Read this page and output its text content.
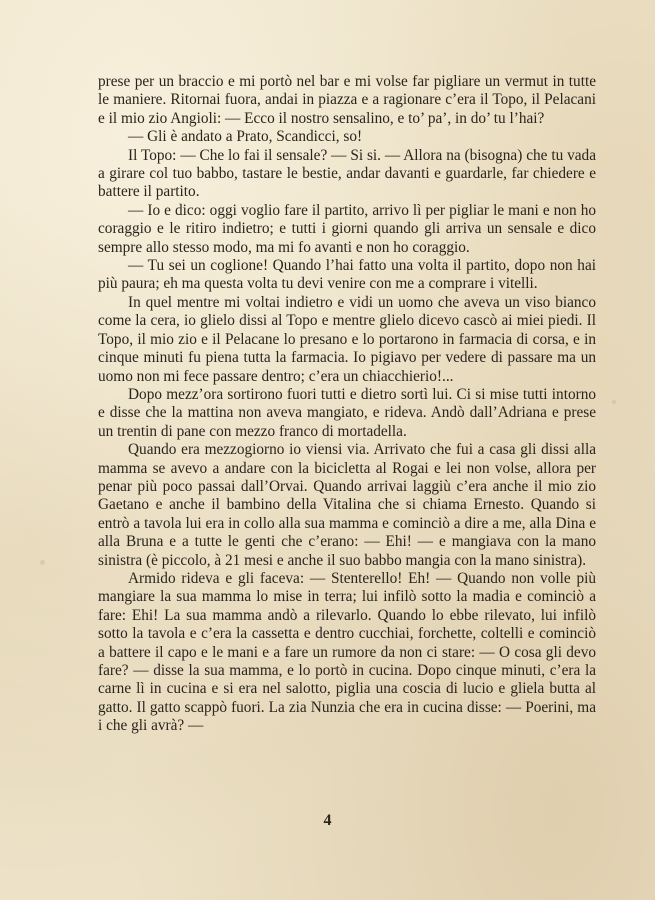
prese per un braccio e mi portò nel bar e mi volse far pigliare un vermut in tutte le maniere. Ritornai fuora, andai in piazza e a ragionare c’era il Topo, il Pelacani e il mio zio Angioli: — Ecco il nostro sensalino, e to’ pa’, in do’ tu l’hai?

— Gli è andato a Prato, Scandicci, so!

Il Topo: — Che lo fai il sensale? — Si si. — Allora na (bisogna) che tu vada a girare col tuo babbo, tastare le bestie, andar davanti e guardarle, far chiedere e battere il partito.

— Io e dico: oggi voglio fare il partito, arrivo lì per pigliar le mani e non ho coraggio e le ritiro indietro; e tutti i giorni quando gli arriva un sensale e dico sempre allo stesso modo, ma mi fo avanti e non ho coraggio.

— Tu sei un coglione! Quando l’hai fatto una volta il partito, dopo non hai più paura; eh ma questa volta tu devi venire con me a comprare i vitelli.

In quel mentre mi voltai indietro e vidi un uomo che aveva un viso bianco come la cera, io glielo dissi al Topo e mentre glielo dicevo cascò ai miei piedi. Il Topo, il mio zio e il Pelacane lo presano e lo portarono in farmacia di corsa, e in cinque minuti fu piena tutta la farmacia. Io pigiavo per vedere di passare ma un uomo non mi fece passare dentro; c’era un chiacchierio!...

Dopo mezz’ora sortirono fuori tutti e dietro sortì lui. Ci si mise tutti intorno e disse che la mattina non aveva mangiato, e rideva. Andò dall’Adriana e prese un trentin di pane con mezzo franco di mortadella.

Quando era mezzogiorno io viensi via. Arrivato che fui a casa gli dissi alla mamma se avevo a andare con la bicicletta al Rogai e lei non volse, allora per penar più poco passai dall’Orvai. Quando arrivai laggiù c’era anche il mio zio Gaetano e anche il bambino della Vitalina che si chiama Ernesto. Quando si entrò a tavola lui era in collo alla sua mamma e cominciò a dire a me, alla Dina e alla Bruna e a tutte le genti che c’erano: — Ehi! — e mangiava con la mano sinistra (è piccolo, à 21 mesi e anche il suo babbo mangia con la mano sinistra).

Armido rideva e gli faceva: — Stenterello! Eh! — Quando non volle più mangiare la sua mamma lo mise in terra; lui infilò sotto la madia e cominciò a fare: Ehi! La sua mamma andò a rilevarlo. Quando lo ebbe rilevato, lui infilò sotto la tavola e c’era la cassetta e dentro cucchiai, forchette, coltelli e cominciò a battere il capo e le mani e a fare un rumore da non ci stare: — O cosa gli devo fare? — disse la sua mamma, e lo portò in cucina. Dopo cinque minuti, c’era la carne lì in cucina e si era nel salotto, piglia una coscia di lucio e gliela butta al gatto. Il gatto scappò fuori. La zia Nunzia che era in cucina disse: — Poerini, ma i che gli avrà? —

4
